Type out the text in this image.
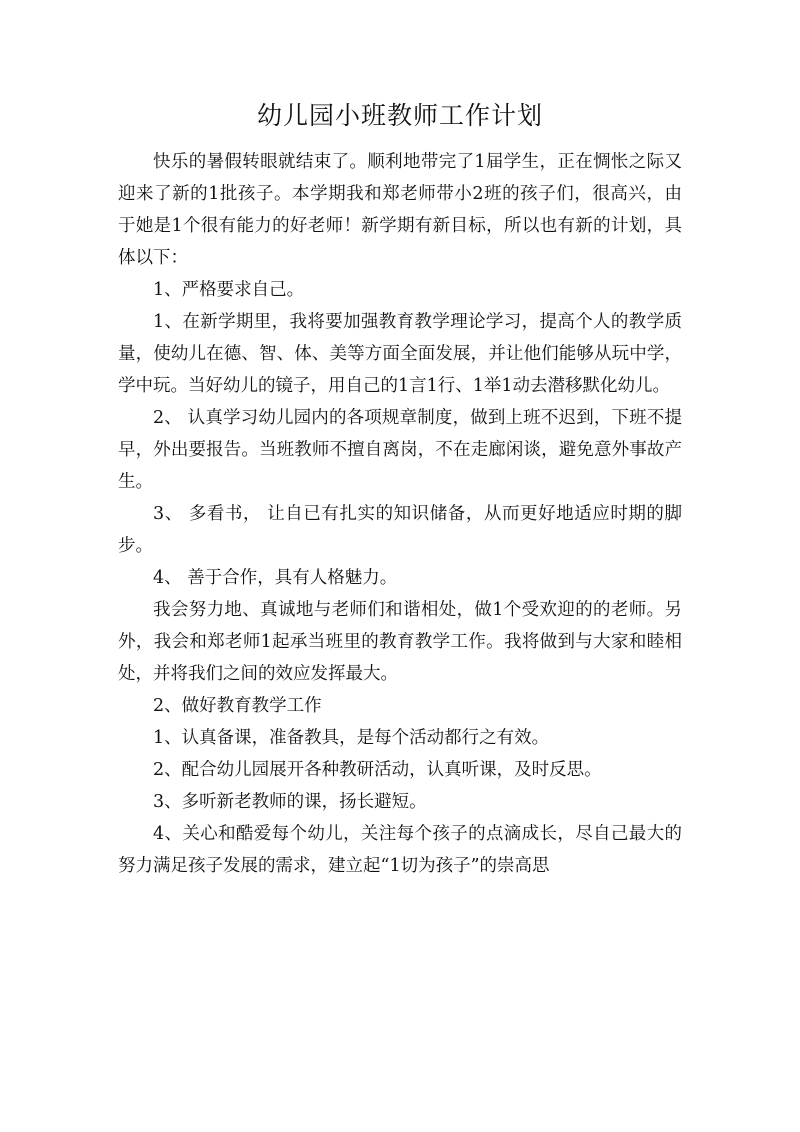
幼儿园小班教师工作计划

快乐的暑假转眼就结束了。顺利地带完了1届学生，正在惆怅之际又迎来了新的1批孩子。本学期我和郑老师带小2班的孩子们，很高兴，由于她是1个很有能力的好老师！新学期有新目标，所以也有新的计划，具体以下：

1、严格要求自己。

1、在新学期里，我将要加强教育教学理论学习，提高个人的教学质量，使幼儿在德、智、体、美等方面全面发展，并让他们能够从玩中学，学中玩。当好幼儿的镜子，用自己的1言1行、1举1动去潜移默化幼儿。

2、 认真学习幼儿园内的各项规章制度，做到上班不迟到，下班不提早，外出要报告。当班教师不擅自离岗，不在走廊闲谈，避免意外事故产生。

3、 多看书， 让自已有扎实的知识储备，从而更好地适应时期的脚步。

4、 善于合作，具有人格魅力。

我会努力地、真诚地与老师们和谐相处，做1个受欢迎的的老师。另外，我会和郑老师1起承当班里的教育教学工作。我将做到与大家和睦相处，并将我们之间的效应发挥最大。

2、做好教育教学工作

1、认真备课，准备教具，是每个活动都行之有效。

2、配合幼儿园展开各种教研活动，认真听课，及时反思。

3、多听新老教师的课，扬长避短。

4、关心和酷爱每个幼儿，关注每个孩子的点滴成长，尽自己最大的努力满足孩子发展的需求，建立起“1切为孩子”的崇高思
